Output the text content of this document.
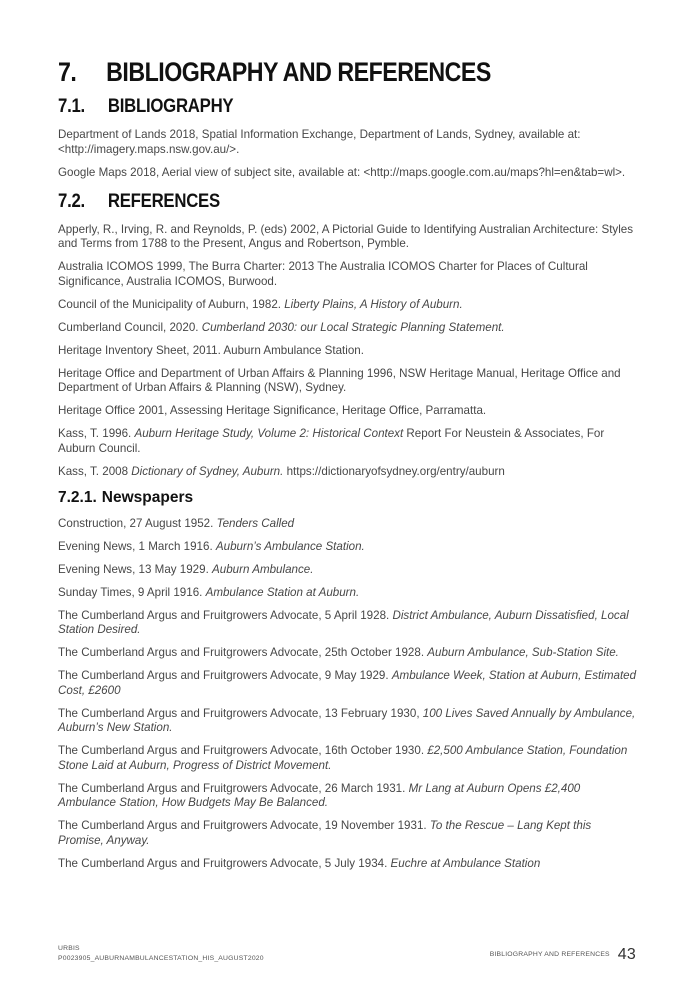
7. BIBLIOGRAPHY AND REFERENCES
7.1. BIBLIOGRAPHY
Department of Lands 2018, Spatial Information Exchange, Department of Lands, Sydney, available at: <http://imagery.maps.nsw.gov.au/>.
Google Maps 2018, Aerial view of subject site, available at: <http://maps.google.com.au/maps?hl=en&tab=wl>.
7.2. REFERENCES
Apperly, R., Irving, R. and Reynolds, P. (eds) 2002, A Pictorial Guide to Identifying Australian Architecture: Styles and Terms from 1788 to the Present, Angus and Robertson, Pymble.
Australia ICOMOS 1999, The Burra Charter: 2013 The Australia ICOMOS Charter for Places of Cultural Significance, Australia ICOMOS, Burwood.
Council of the Municipality of Auburn, 1982. Liberty Plains, A History of Auburn.
Cumberland Council, 2020. Cumberland 2030: our Local Strategic Planning Statement.
Heritage Inventory Sheet, 2011. Auburn Ambulance Station.
Heritage Office and Department of Urban Affairs & Planning 1996, NSW Heritage Manual, Heritage Office and Department of Urban Affairs & Planning (NSW), Sydney.
Heritage Office 2001, Assessing Heritage Significance, Heritage Office, Parramatta.
Kass, T. 1996. Auburn Heritage Study, Volume 2: Historical Context Report For Neustein & Associates, For Auburn Council.
Kass, T. 2008 Dictionary of Sydney, Auburn. https://dictionaryofsydney.org/entry/auburn
7.2.1. Newspapers
Construction, 27 August 1952. Tenders Called
Evening News, 1 March 1916. Auburn’s Ambulance Station.
Evening News, 13 May 1929. Auburn Ambulance.
Sunday Times, 9 April 1916. Ambulance Station at Auburn.
The Cumberland Argus and Fruitgrowers Advocate, 5 April 1928. District Ambulance, Auburn Dissatisfied, Local Station Desired.
The Cumberland Argus and Fruitgrowers Advocate, 25th October 1928. Auburn Ambulance, Sub-Station Site.
The Cumberland Argus and Fruitgrowers Advocate, 9 May 1929. Ambulance Week, Station at Auburn, Estimated Cost, £2600
The Cumberland Argus and Fruitgrowers Advocate, 13 February 1930, 100 Lives Saved Annually by Ambulance, Auburn’s New Station.
The Cumberland Argus and Fruitgrowers Advocate, 16th October 1930. £2,500 Ambulance Station, Foundation Stone Laid at Auburn, Progress of District Movement.
The Cumberland Argus and Fruitgrowers Advocate, 26 March 1931. Mr Lang at Auburn Opens £2,400 Ambulance Station, How Budgets May Be Balanced.
The Cumberland Argus and Fruitgrowers Advocate, 19 November 1931. To the Rescue – Lang Kept this Promise, Anyway.
The Cumberland Argus and Fruitgrowers Advocate, 5 July 1934. Euchre at Ambulance Station
URBIS
P0023905_AUBURNAMBULANCESTATION_HIS_AUGUST2020
BIBLIOGRAPHY AND REFERENCES 43
